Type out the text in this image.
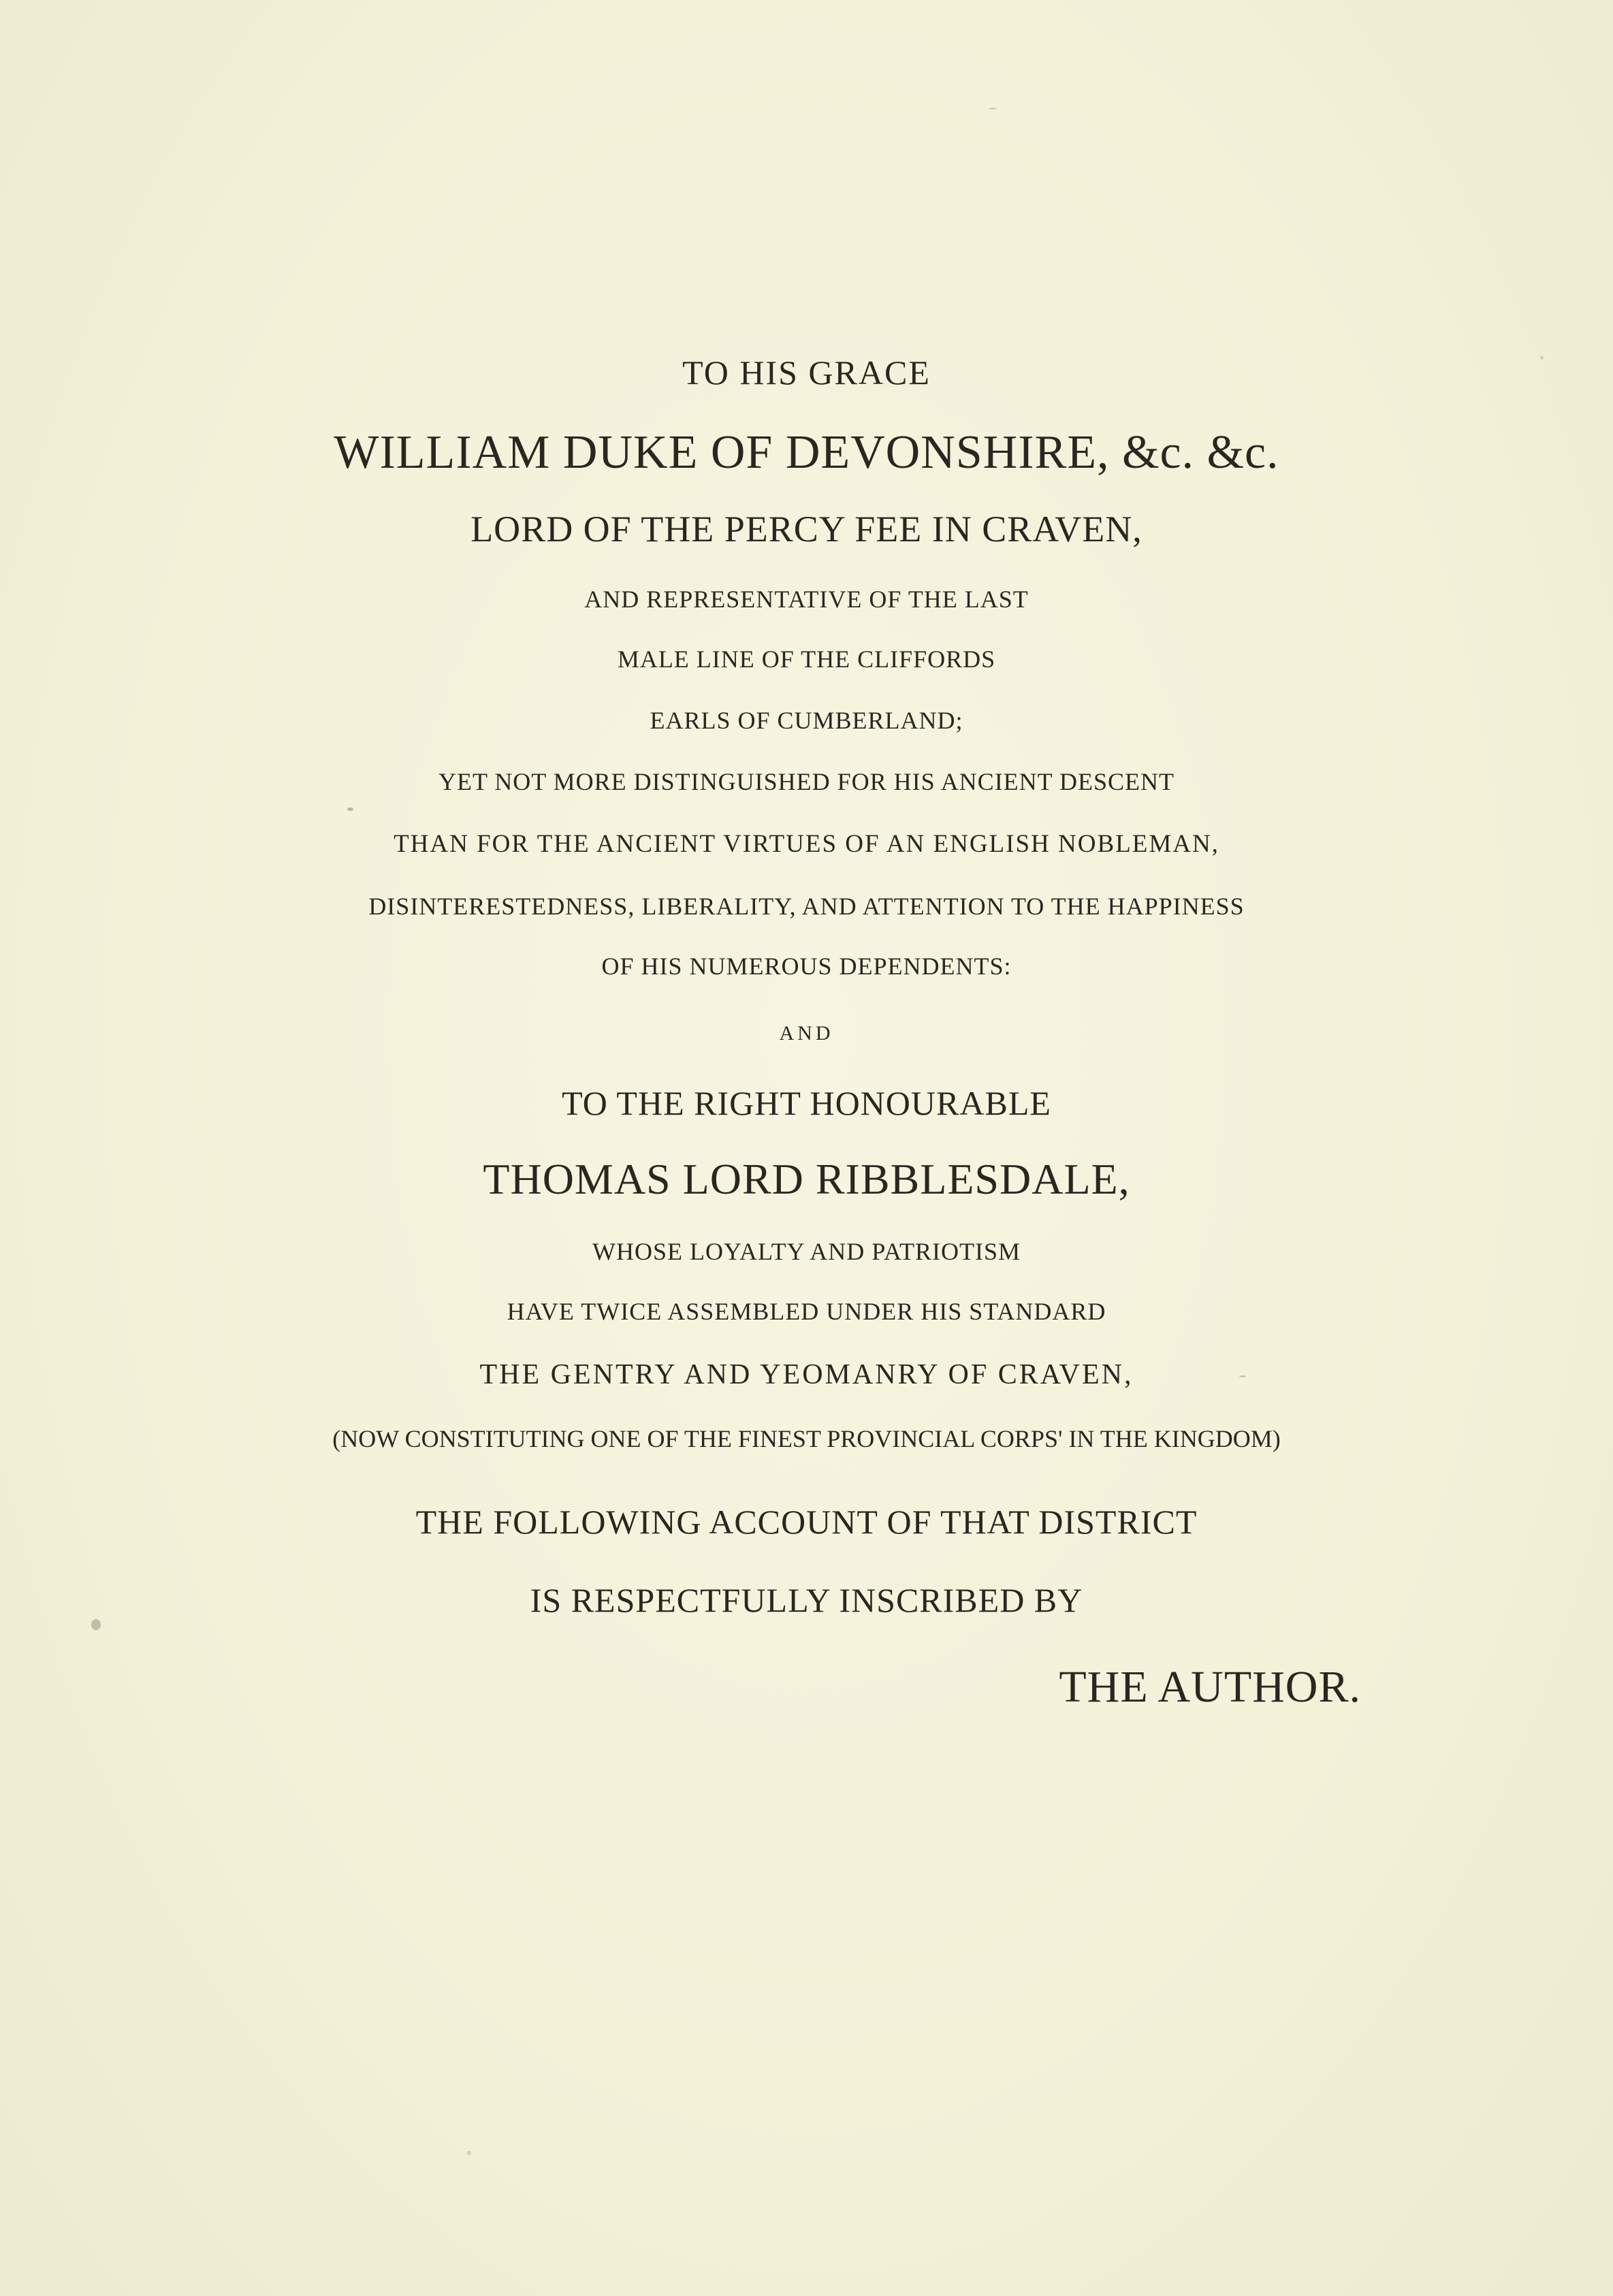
TO HIS GRACE
WILLIAM DUKE OF DEVONSHIRE, &c. &c.
LORD OF THE PERCY FEE IN CRAVEN,
AND REPRESENTATIVE OF THE LAST
MALE LINE OF THE CLIFFORDS
EARLS OF CUMBERLAND;
YET NOT MORE DISTINGUISHED FOR HIS ANCIENT DESCENT
THAN FOR THE ANCIENT VIRTUES OF AN ENGLISH NOBLEMAN,
DISINTERESTEDNESS, LIBERALITY, AND ATTENTION TO THE HAPPINESS
OF HIS NUMEROUS DEPENDENTS:
AND
TO THE RIGHT HONOURABLE
THOMAS LORD RIBBLESDALE,
WHOSE LOYALTY AND PATRIOTISM
HAVE TWICE ASSEMBLED UNDER HIS STANDARD
THE GENTRY AND YEOMANRY OF CRAVEN,
(NOW CONSTITUTING ONE OF THE FINEST PROVINCIAL CORPS' IN THE KINGDOM)
THE FOLLOWING ACCOUNT OF THAT DISTRICT
IS RESPECTFULLY INSCRIBED BY
THE AUTHOR.
